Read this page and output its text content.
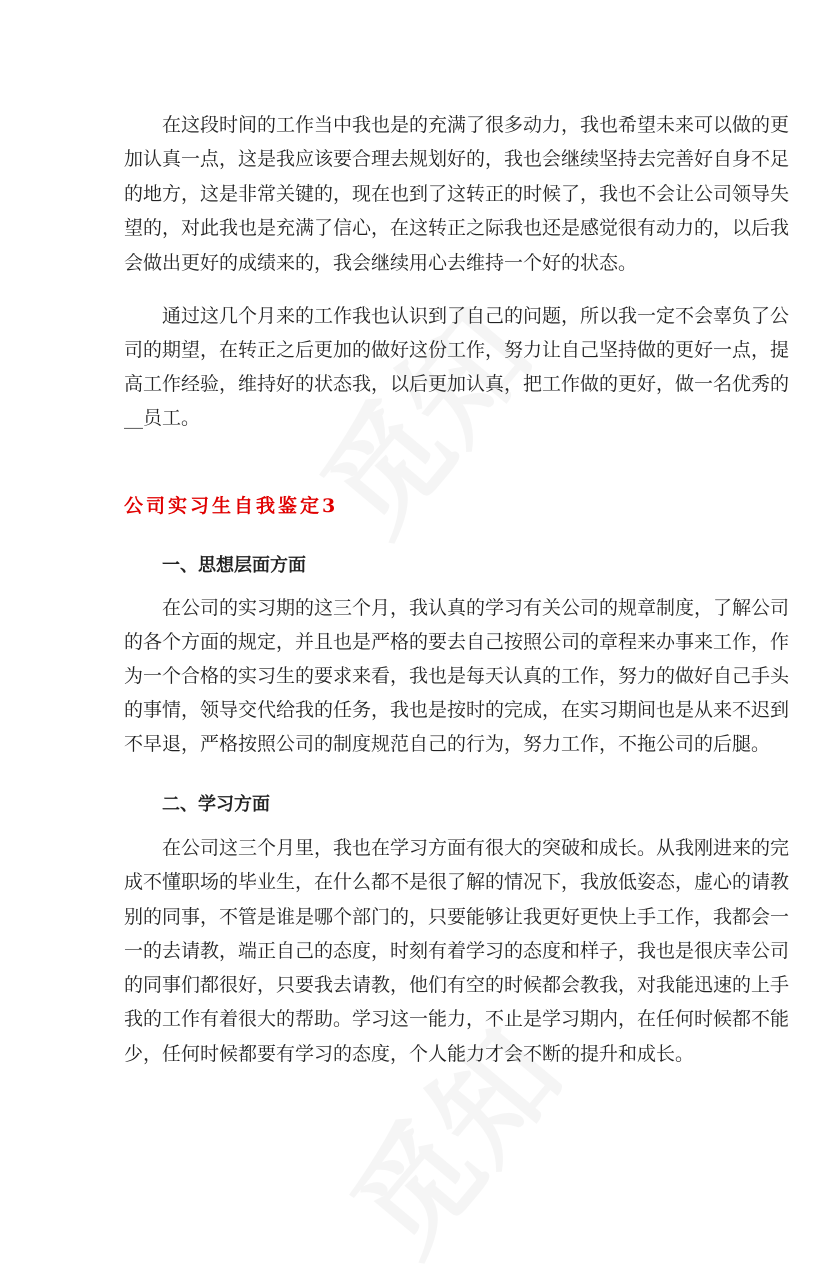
在这段时间的工作当中我也是的充满了很多动力，我也希望未来可以做的更
加认真一点，这是我应该要合理去规划好的，我也会继续坚持去完善好自身不足
的地方，这是非常关键的，现在也到了这转正的时候了，我也不会让公司领导失
望的，对此我也是充满了信心，在这转正之际我也还是感觉很有动力的，以后我
会做出更好的成绩来的，我会继续用心去维持一个好的状态。
通过这几个月来的工作我也认识到了自己的问题，所以我一定不会辜负了公
司的期望，在转正之后更加的做好这份工作，努力让自己坚持做的更好一点，提
高工作经验，维持好的状态我，以后更加认真，把工作做的更好，做一名优秀的
__员工。
公司实习生自我鉴定3
一、思想层面方面
在公司的实习期的这三个月，我认真的学习有关公司的规章制度，了解公司
的各个方面的规定，并且也是严格的要去自己按照公司的章程来办事来工作，作
为一个合格的实习生的要求来看，我也是每天认真的工作，努力的做好自己手头
的事情，领导交代给我的任务，我也是按时的完成，在实习期间也是从来不迟到
不早退，严格按照公司的制度规范自己的行为，努力工作，不拖公司的后腿。
二、学习方面
在公司这三个月里，我也在学习方面有很大的突破和成长。从我刚进来的完
成不懂职场的毕业生，在什么都不是很了解的情况下，我放低姿态，虚心的请教
别的同事，不管是谁是哪个部门的，只要能够让我更好更快上手工作，我都会一
一的去请教，端正自己的态度，时刻有着学习的态度和样子，我也是很庆幸公司
的同事们都很好，只要我去请教，他们有空的时候都会教我，对我能迅速的上手
我的工作有着很大的帮助。学习这一能力，不止是学习期内，在任何时候都不能
少，任何时候都要有学习的态度，个人能力才会不断的提升和成长。
